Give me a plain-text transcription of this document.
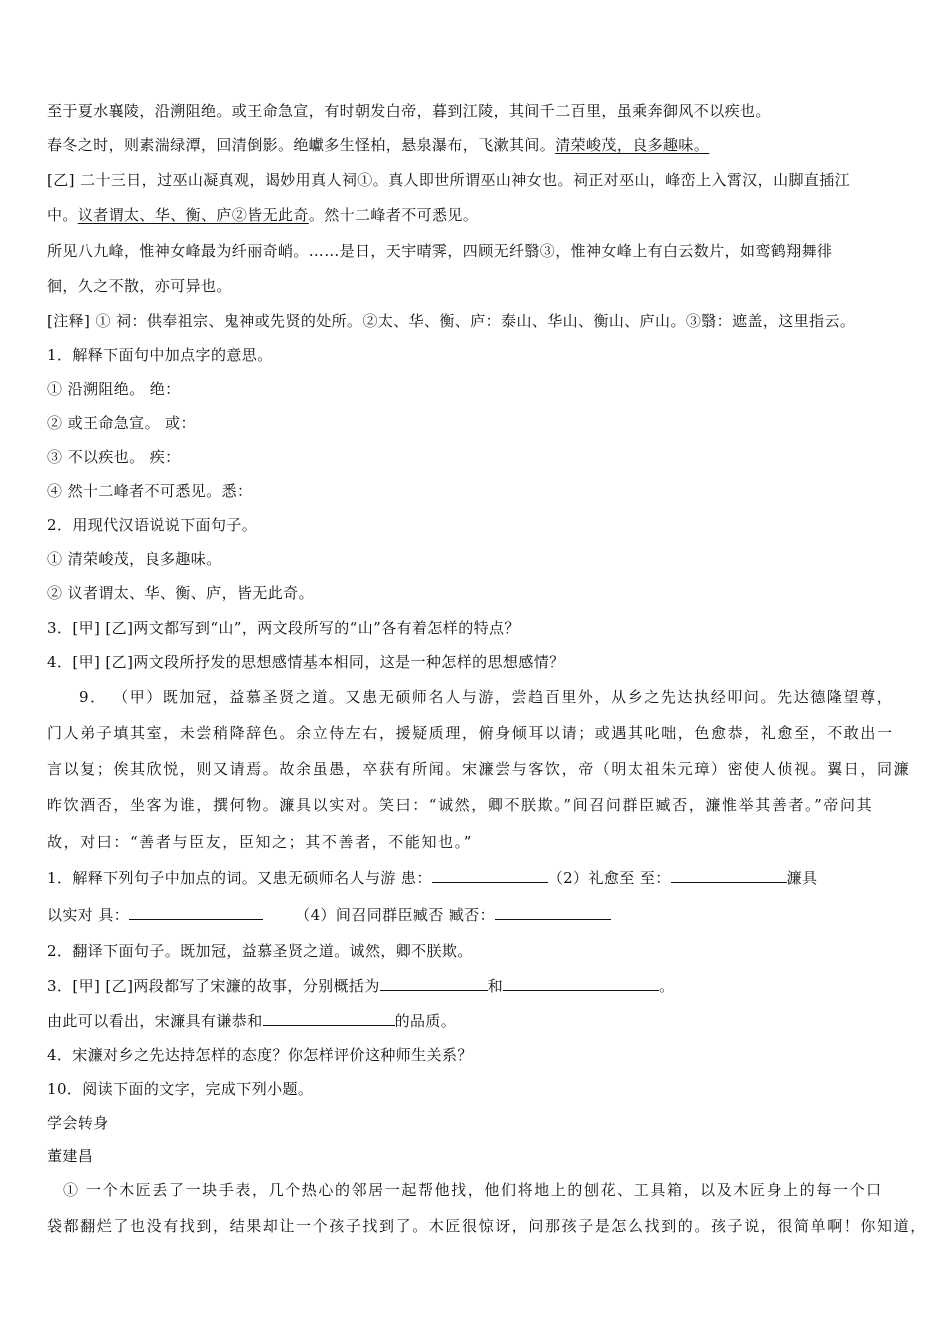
至于夏水襄陵，沿溯阻绝。或王命急宣，有时朝发白帝，暮到江陵，其间千二百里，虽乘奔御风不以疾也。
春冬之时，则素湍绿潭，回清倒影。绝巘多生怪柏，悬泉瀑布，飞漱其间。清荣峻茂，良多趣味。
[乙] 二十三日，过巫山凝真观，谒妙用真人祠①。真人即世所谓巫山神女也。祠正对巫山，峰峦上入霄汉，山脚直插江
中。议者谓太、华、衡、庐②皆无此奇。然十二峰者不可悉见。
所见八九峰，惟神女峰最为纤丽奇峭。……是日，天宇晴霁，四顾无纤翳③，惟神女峰上有白云数片，如鸾鹤翔舞徘
徊，久之不散，亦可异也。
[注释] ① 祠：供奉祖宗、鬼神或先贤的处所。②太、华、衡、庐：泰山、华山、衡山、庐山。③翳：遮盖，这里指云。
1．解释下面句中加点字的意思。
① 沿溯阻绝。 绝：
② 或王命急宣。 或：
③ 不以疾也。 疾：
④ 然十二峰者不可悉见。悉：
2．用现代汉语说说下面句子。
① 清荣峻茂，良多趣味。
② 议者谓太、华、衡、庐，皆无此奇。
3．[甲] [乙]两文都写到“山”，两文段所写的“山”各有着怎样的特点？
4．[甲] [乙]两文段所抒发的思想感情基本相同，这是一种怎样的思想感情？
9． （甲）既加冠，益慕圣贤之道。又患无硕师名人与游，尝趋百里外，从乡之先达执经叩问。先达德隆望尊，
门人弟子填其室，未尝稍降辞色。余立侍左右，援疑质理，俯身倾耳以请；或遇其叱咄，色愈恭，礼愈至，不敢出一
言以复；俟其欣悦，则又请焉。故余虽愚，卒获有所闻。宋濂尝与客饮，帝（明太祖朱元璋）密使人侦视。翼日，同濂
昨饮酒否，坐客为谁，撰何物。濂具以实对。笑曰：“诚然，卿不朕欺。”间召问群臣臧否，濂惟举其善者。”帝问其
故，对曰：“善者与臣友，臣知之；其不善者，不能知也。”
1．解释下列句子中加点的词。又患无硕师名人与游 患：	（2）礼愈至 至：	濂具
以实对 具：	（4）间召同群臣臧否 臧否：
2．翻译下面句子。既加冠，益慕圣贤之道。诚然，卿不朕欺。
3．[甲] [乙]两段都写了宋濂的故事，分别概括为	和	。
由此可以看出，宋濂具有谦恭和	的品质。
4．宋濂对乡之先达持怎样的态度？你怎样评价这种师生关系？
10．阅读下面的文字，完成下列小题。
学会转身
董建昌
① 一个木匠丢了一块手表，几个热心的邻居一起帮他找，他们将地上的刨花、工具箱，以及木匠身上的每一个口
袋都翻烂了也没有找到，结果却让一个孩子找到了。木匠很惊讶，问那孩子是怎么找到的。孩子说，很简单啊！你知道，
